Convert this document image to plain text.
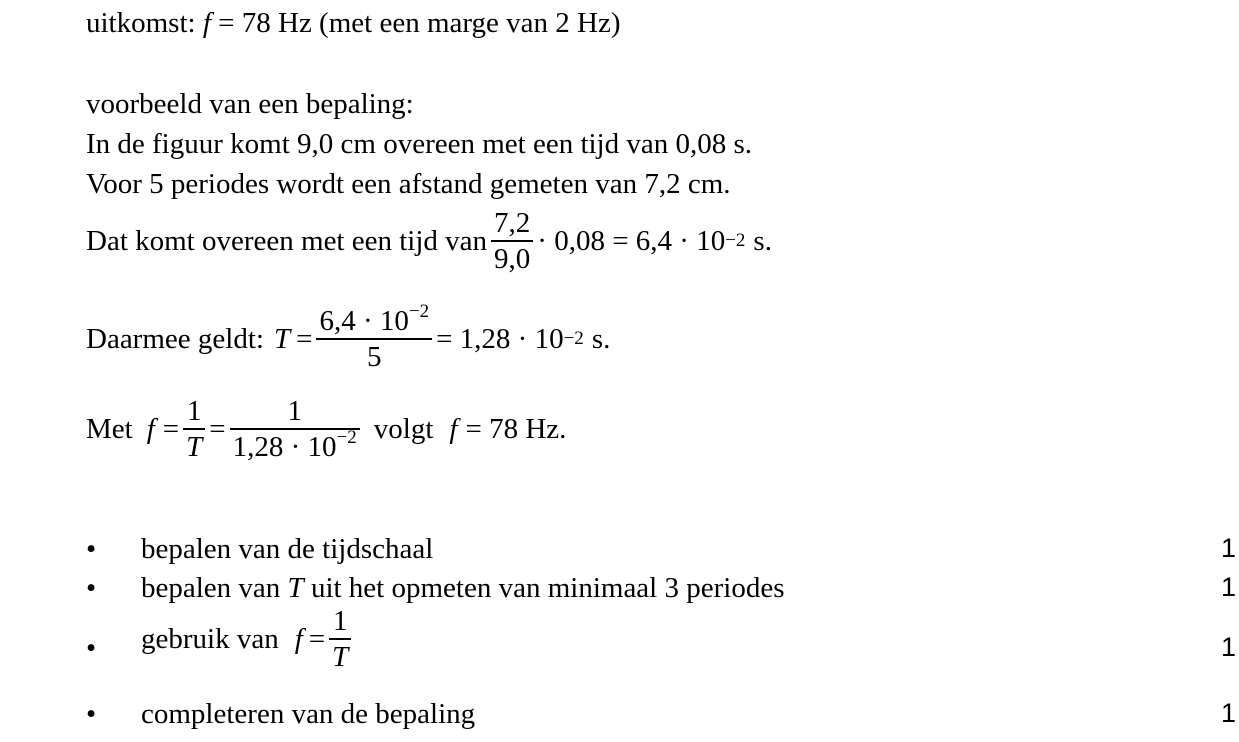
uitkomst: f = 78 Hz (met een marge van 2 Hz)
voorbeeld van een bepaling:
In de figuur komt 9,0 cm overeen met een tijd van 0,08 s.
Voor 5 periodes wordt een afstand gemeten van 7,2 cm.
Dat komt overeen met een tijd van $\frac{7,2}{9,0} \cdot 0,08 = 6,4 \cdot 10 -2$ s.
Daarmee geldt: $T = \frac{6,4 \cdot 10^{-2}}{5} = 1,28 \cdot 10 -2$ s.
Met $f = \frac{1}{T} = \frac{1}{1,28 \cdot 10^{-2}}$ volgt f = 78 Hz.
• bepalen van de tijdschaal	1
• bepalen van
T
uit het opmeten van minimaal 3 periodes	1
• gebruik van $f = \frac{1}{T}$	1
• completeren van de bepaling	1
